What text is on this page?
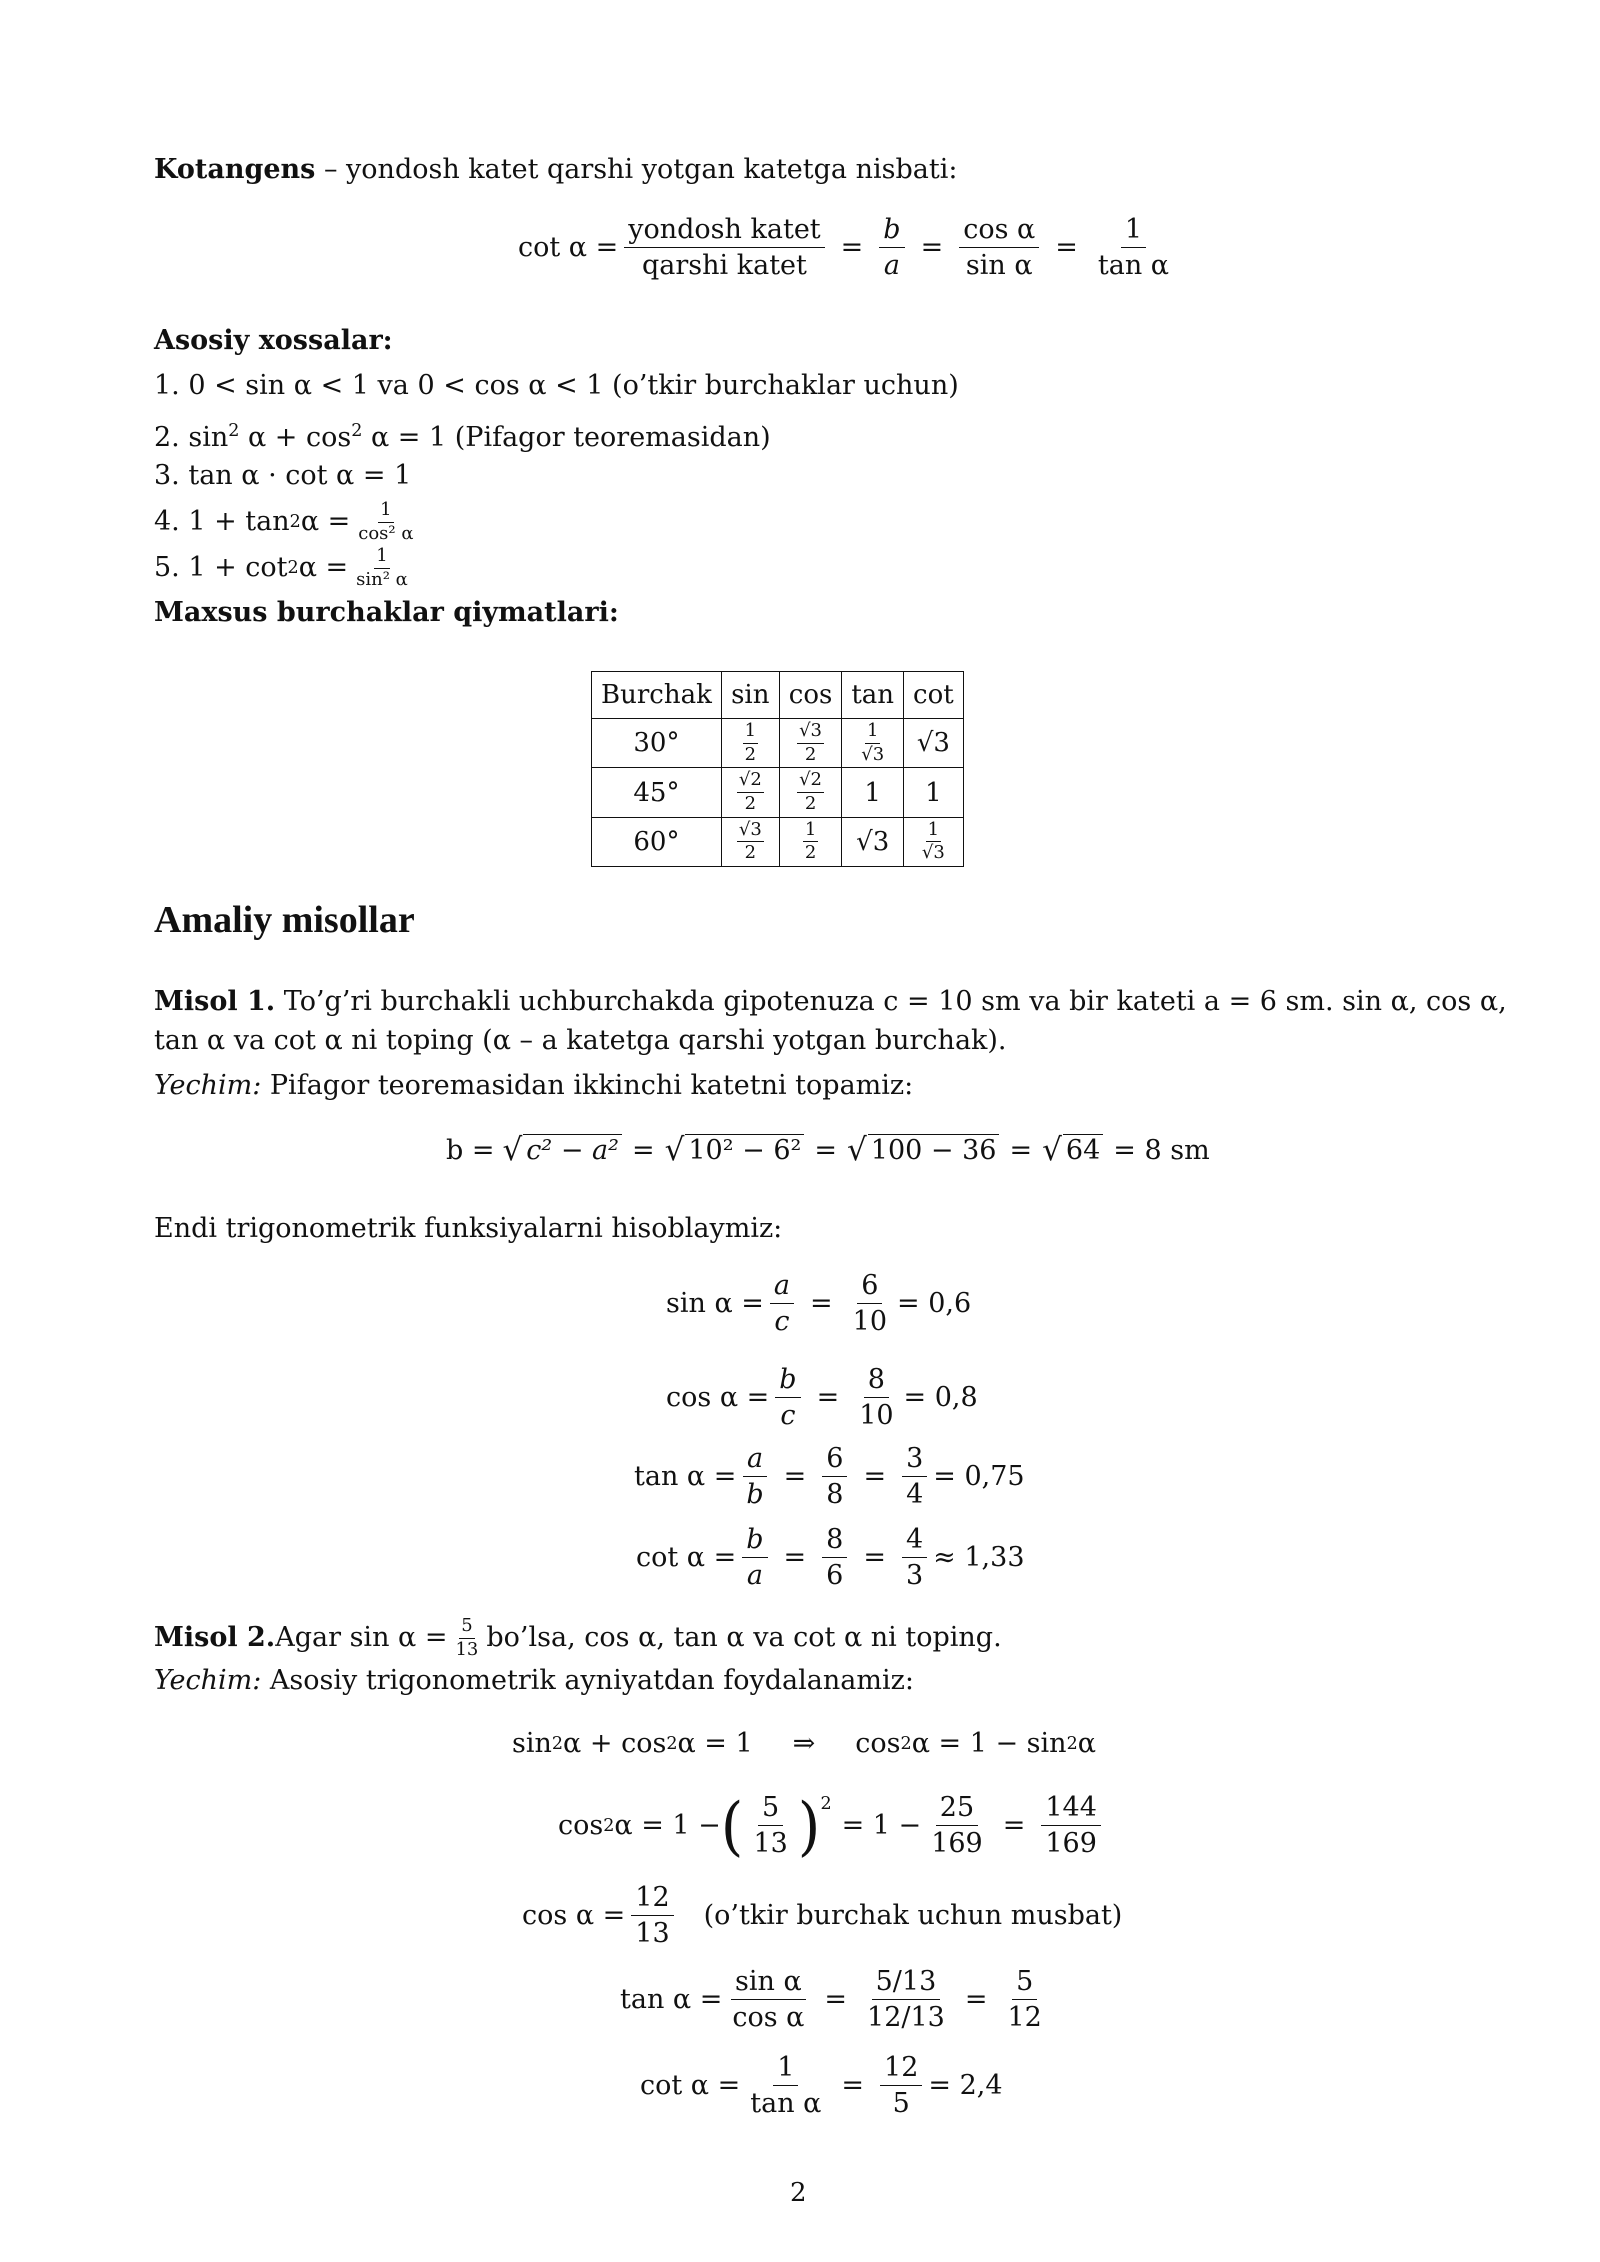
Kotangens – yondosh katet qarshi yotgan katetga nisbati:
$\cot \alpha = \frac{\text{yondosh katet}}{\text{qarshi katet}} = \frac{b}{a} = \frac{\text{cos α}}{\text{sin α}} = \frac{1}{\text{tan α}}$
Asosiy xossalar:
1. 0 < sin α < 1 va 0 < cos α < 1 (o’tkir burchaklar uchun)
2. $\sin^2 \alpha + \cos^2 \alpha = 1$ (Pifagor teoremasidan)
3. tan α · cot α = 1
4. 1 + tan 2 $\alpha = \frac{1}{\text{cos² α}}$
5. 1 + cot 2 $\alpha = \frac{1}{\text{sin² α}}$
Maxsus burchaklar qiymatlari:
Burchak	sin	cos	tan	cot
30°	$\frac{1}{2}$	$\frac{√3}{2}$	$\frac{1}{√3}$	√3
45°	$\frac{√2}{2}$	$\frac{√2}{2}$	1	1
60°	$\frac{√3}{2}$	$\frac{1}{2}$	√3	$\frac{1}{√3}$
Amaliy misollar
Misol 1. To’g’ri burchakli uchburchakda gipotenuza c = 10 sm va bir kateti a = 6 sm. sin α, cos α,
tan α va cot α ni toping (α – a katetga qarshi yotgan burchak).
Yechim: Pifagor teoremasidan ikkinchi katetni topamiz:
b = √ c² − a² = √ 10² − 6² = √ 100 − 36 = √ 64 = 8 sm
Endi trigonometrik funksiyalarni hisoblaymiz:
$\sin \alpha = \frac{a}{c} = \frac{6}{10} = 0,6$
$\cos \alpha = \frac{b}{c} = \frac{8}{10} = 0,8$
$\tan \alpha = \frac{a}{b} = \frac{6}{8} = \frac{3}{4} = 0,75$
$\cot \alpha = \frac{b}{a} = \frac{8}{6} = \frac{4}{3} \approx 1,33$
Misol 2. Agar $\sin \alpha = \frac{5}{13}$ bo’lsa, cos α, tan α va cot α ni toping.
Yechim: Asosiy trigonometrik ayniyatdan foydalanamiz:
sin 2 α + cos 2 α = 1 ⇒ cos 2 α = 1 − sin 2 α
cos 2 α = 1 − ( $\frac{5}{13} )^2$
= $1 - \frac{25}{169} = \frac{144}{169}$
$\cos \alpha = \frac{12}{13}$ (o’tkir burchak uchun musbat)
$\tan \alpha = \frac{\text{sin α}}{\text{cos α}} = \frac{5/13}{12/13} = \frac{5}{12}$
$\cot \alpha = \frac{1}{\text{tan α}} = \frac{12}{5} = 2,4$
2
